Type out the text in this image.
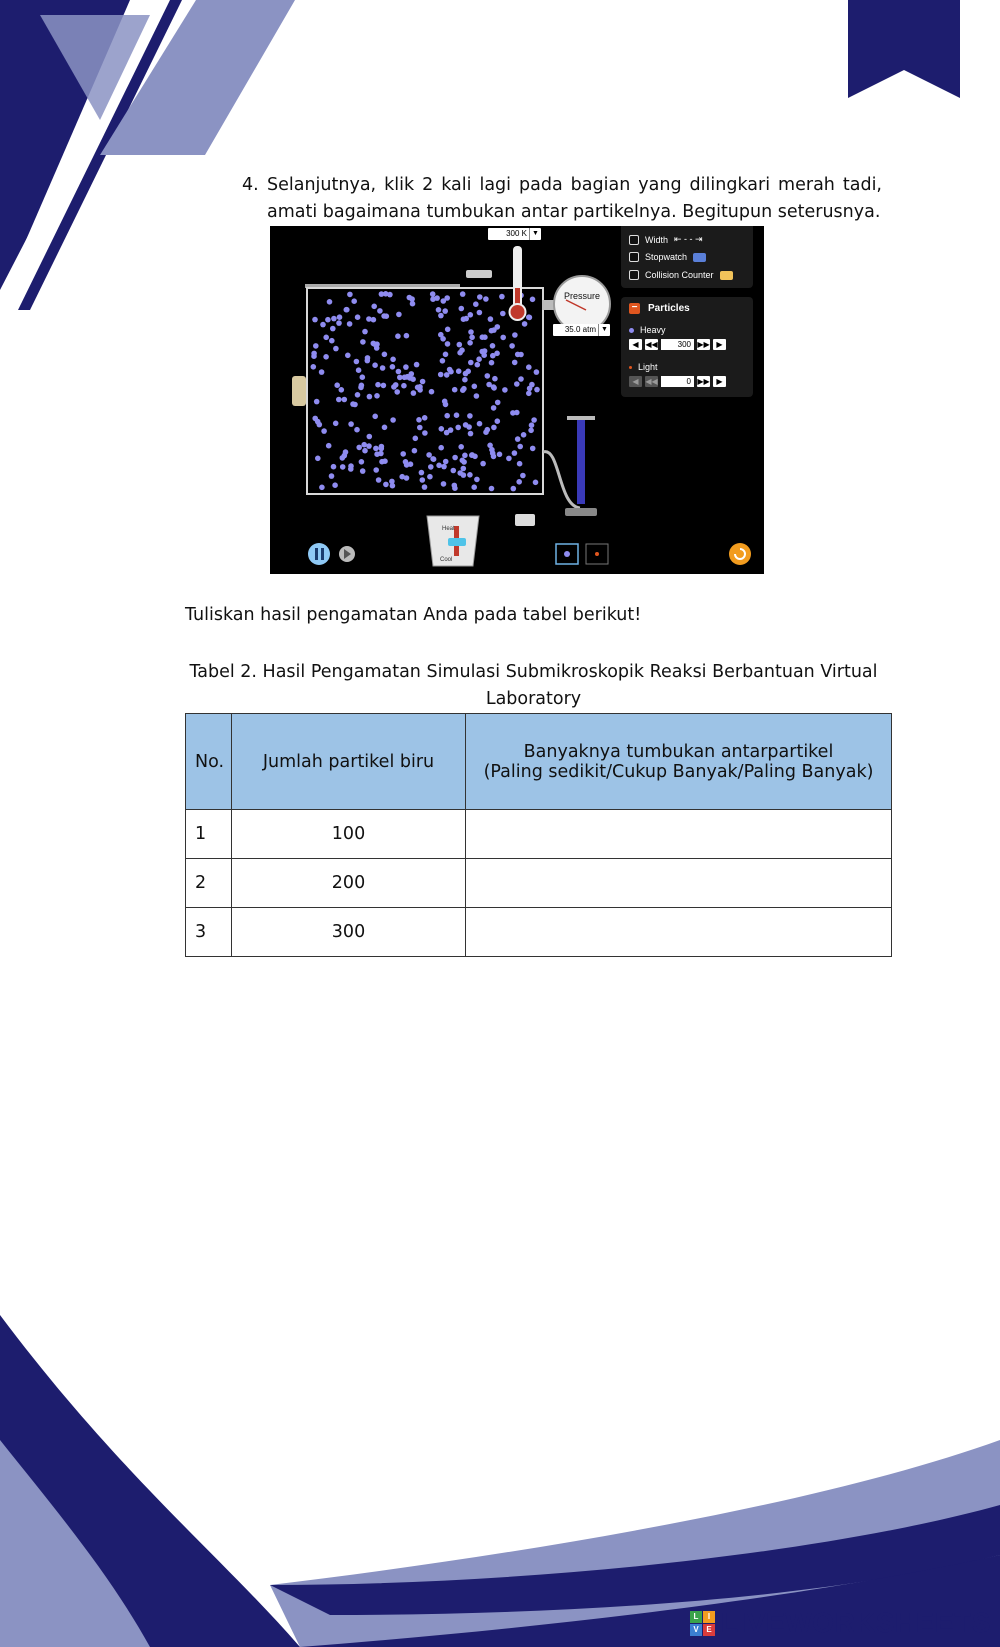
4. Selanjutnya, klik 2 kali lagi pada bagian yang dilingkari merah tadi, amati bagaimana tumbukan antar partikelnya. Begitupun seterusnya.
Pressure
Heat
Cool
300 K ▼
35.0 atm ▼
Width ⇤ - - ⇥
Stopwatch
Collision Counter
− Particles
Heavy
◀ ◀◀	300 ▶▶ ▶
Light
◀ ◀◀	0 ▶▶ ▶
Tuliskan hasil pengamatan Anda pada tabel berikut!
Tabel 2. Hasil Pengamatan Simulasi Submikroskopik Reaksi Berbantuan Virtual Laboratory
No.	Jumlah partikel biru	Banyaknya tumbukan antarpartikel
(Paling sedikit/Cukup Banyak/Paling Banyak)

1	100	
2	200	
3	300	
L	I
V E LIVEWORKSHEETS
